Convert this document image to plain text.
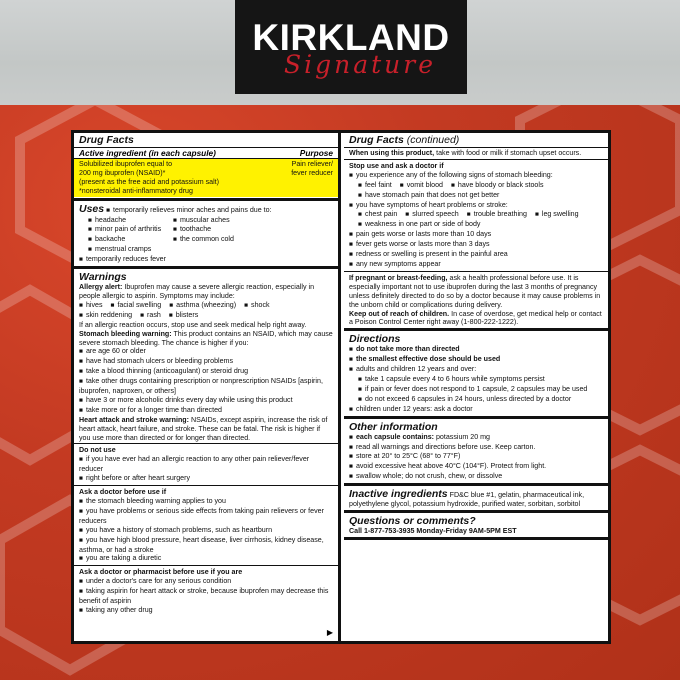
KIRKLAND
Signature
Drug Facts
Active ingredient (in each capsule)	Purpose
Solubilized ibuprofen equal to
200 mg ibuprofen (NSAID)*
(present as the free acid and potassium salt)
*nonsteroidal anti-inflammatory drug
Pain reliever/
fever reducer
Uses ■ temporarily relieves minor aches and pains due to:
■ headache	■ muscular aches
■ minor pain of arthritis	■ toothache
■ backache	■ the common cold
■ menstrual cramps
■ temporarily reduces fever
Warnings
Allergy alert: Ibuprofen may cause a severe allergic reaction, especially in people allergic to aspirin. Symptoms may include:
■ hives	■ facial swelling	■ asthma (wheezing)	■ shock
■ skin reddening	■ rash	■ blisters
If an allergic reaction occurs, stop use and seek medical help right away.
Stomach bleeding warning: This product contains an NSAID, which may cause severe stomach bleeding. The chance is higher if you:
■ are age 60 or older
■ have had stomach ulcers or bleeding problems
■ take a blood thinning (anticoagulant) or steroid drug
■ take other drugs containing prescription or nonprescription NSAIDs [aspirin, ibuprofen, naproxen, or others]
■ have 3 or more alcoholic drinks every day while using this product
■ take more or for a longer time than directed
Heart attack and stroke warning: NSAIDs, except aspirin, increase the risk of heart attack, heart failure, and stroke. These can be fatal. The risk is higher if you use more than directed or for longer than directed.
Do not use
■ if you have ever had an allergic reaction to any other pain reliever/fever reducer
■ right before or after heart surgery
Ask a doctor before use if
■ the stomach bleeding warning applies to you
■ you have problems or serious side effects from taking pain relievers or fever reducers
■ you have a history of stomach problems, such as heartburn
■ you have high blood pressure, heart disease, liver cirrhosis, kidney disease, asthma, or had a stroke
■ you are taking a diuretic
Ask a doctor or pharmacist before use if you are
■ under a doctor's care for any serious condition
■ taking aspirin for heart attack or stroke, because ibuprofen may decrease this benefit of aspirin
■ taking any other drug
▶
Drug Facts (continued)
When using this product, take with food or milk if stomach upset occurs.
Stop use and ask a doctor if
■ you experience any of the following signs of stomach bleeding:
■ feel faint	■ vomit blood	■ have bloody or black stools
■ have stomach pain that does not get better
■ you have symptoms of heart problems or stroke:
■ chest pain	■ slurred speech	■ trouble breathing	■ leg swelling
■ weakness in one part or side of body
■ pain gets worse or lasts more than 10 days
■ fever gets worse or lasts more than 3 days
■ redness or swelling is present in the painful area
■ any new symptoms appear
If pregnant or breast-feeding, ask a health professional before use. It is especially important not to use ibuprofen during the last 3 months of pregnancy unless definitely directed to do so by a doctor because it may cause problems in the unborn child or complications during delivery.
Keep out of reach of children. In case of overdose, get medical help or contact a Poison Control Center right away (1-800-222-1222).
Directions
■ do not take more than directed
■ the smallest effective dose should be used
■ adults and children 12 years and over:
■ take 1 capsule every 4 to 6 hours while symptoms persist
■ if pain or fever does not respond to 1 capsule, 2 capsules may be used
■ do not exceed 6 capsules in 24 hours, unless directed by a doctor
■ children under 12 years: ask a doctor
Other information
■ each capsule contains: potassium 20 mg
■ read all warnings and directions before use. Keep carton.
■ store at 20° to 25°C (68° to 77°F)
■ avoid excessive heat above 40°C (104°F). Protect from light.
■ swallow whole; do not crush, chew, or dissolve
Inactive ingredients FD&C blue #1, gelatin, pharmaceutical ink, polyethylene glycol, potassium hydroxide, purified water, sorbitan, sorbitol
Questions or comments?
Call 1-877-753-3935 Monday-Friday 9AM-5PM EST
